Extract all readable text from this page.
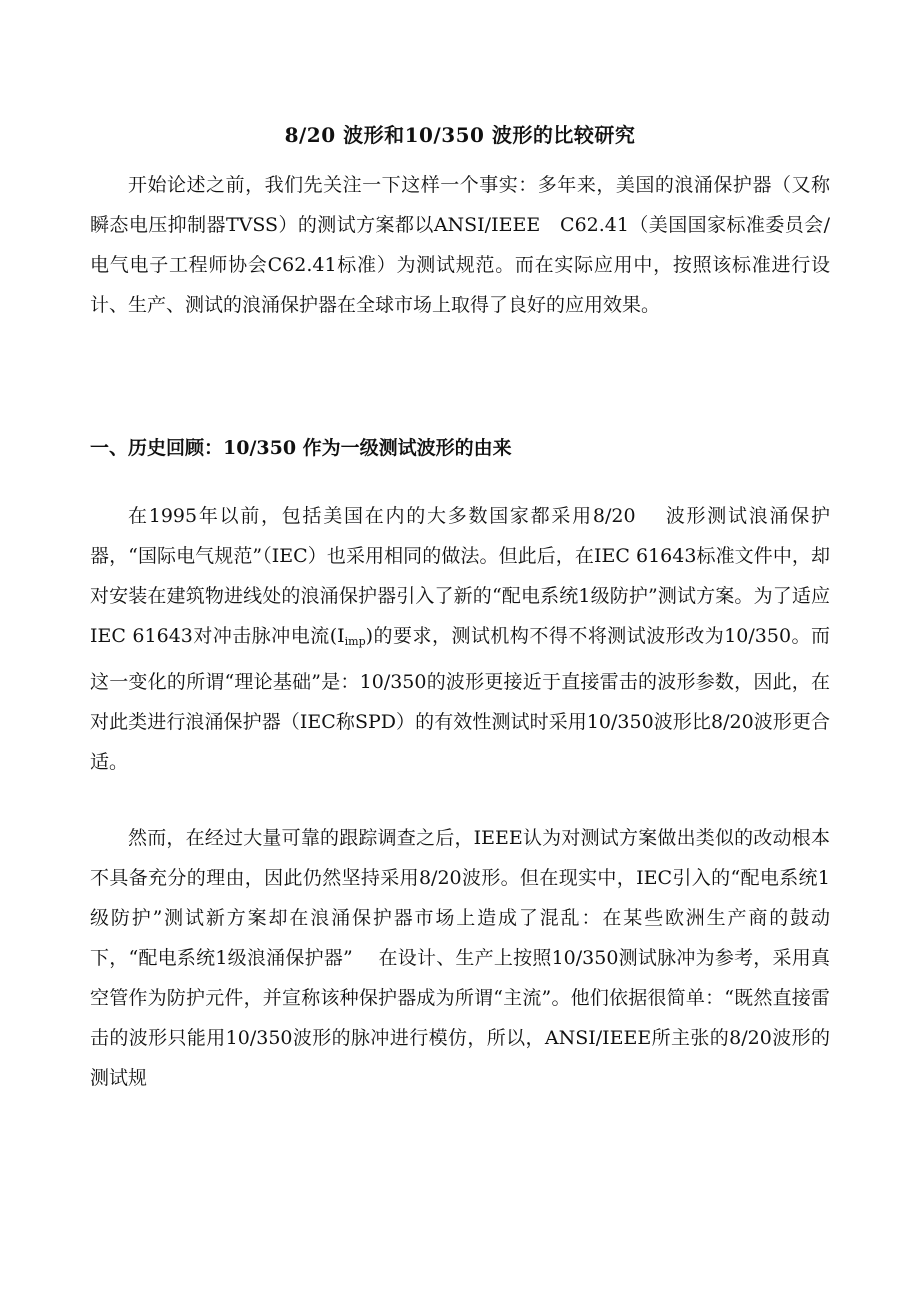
8/20 波形和10/350 波形的比较研究

开始论述之前，我们先关注一下这样一个事实：多年来，美国的浪涌保护器（又称瞬态电压抑制器TVSS）的测试方案都以ANSI/IEEE　C62.41（美国国家标准委员会/电气电子工程师协会C62.41标准）为测试规范。而在实际应用中，按照该标准进行设计、生产、测试的浪涌保护器在全球市场上取得了良好的应用效果。

一、历史回顾：10/350 作为一级测试波形的由来

在1995年以前，包括美国在内的大多数国家都采用8/20　 波形测试浪涌保护器，“国际电气规范”（IEC）也采用相同的做法。但此后，在IEC 61643标准文件中，却对安装在建筑物进线处的浪涌保护器引入了新的“配电系统1级防护”测试方案。为了适应IEC 61643对冲击脉冲电流$(I_{imp})$的要求，测试机构不得不将测试波形改为10/350。而这一变化的所谓“理论基础”是：10/350的波形更接近于直接雷击的波形参数，因此，在对此类进行浪涌保护器（IEC称SPD）的有效性测试时采用10/350波形比8/20波形更合适。

然而，在经过大量可靠的跟踪调查之后，IEEE认为对测试方案做出类似的改动根本不具备充分的理由，因此仍然坚持采用8/20波形。但在现实中，IEC引入的“配电系统1级防护”测试新方案却在浪涌保护器市场上造成了混乱：在某些欧洲生产商的鼓动下，“配电系统1级浪涌保护器”　 在设计、生产上按照10/350测试脉冲为参考，采用真空管作为防护元件，并宣称该种保护器成为所谓“主流”。他们依据很简单：“既然直接雷击的波形只能用10/350波形的脉冲进行模仿，所以，ANSI/IEEE所主张的8/20波形的测试规
